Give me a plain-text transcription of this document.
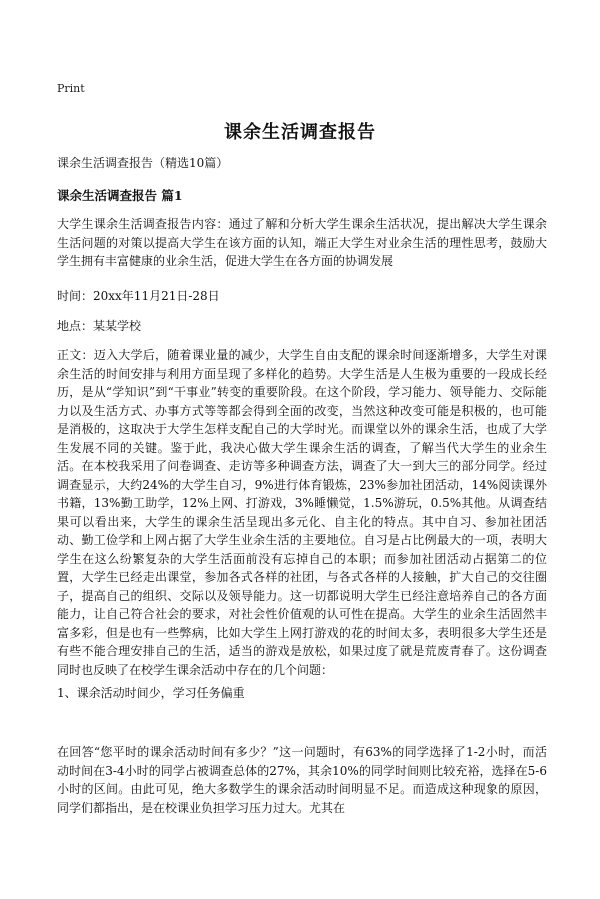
Print
课余生活调查报告
课余生活调查报告（精选10篇）
课余生活调查报告 篇1

大学生课余生活调查报告内容：通过了解和分析大学生课余生活状况，提出解决大学生课余生活问题的对策以提高大学生在该方面的认知，端正大学生对业余生活的理性思考，鼓励大学生拥有丰富健康的业余生活，促进大学生在各方面的协调发展

时间：20xx年11月21日-28日

地点：某某学校

正文：迈入大学后，随着课业量的减少，大学生自由支配的课余时间逐渐增多，大学生对课余生活的时间安排与利用方面呈现了多样化的趋势。大学生活是人生极为重要的一段成长经历，是从“学知识”到“干事业”转变的重要阶段。在这个阶段，学习能力、领导能力、交际能力以及生活方式、办事方式等等都会得到全面的改变，当然这种改变可能是积极的，也可能是消极的，这取决于大学生怎样支配自己的大学时光。而课堂以外的课余生活，也成了大学生发展不同的关键。鉴于此，我决心做大学生课余生活的调查，了解当代大学生的业余生活。在本校我采用了问卷调查、走访等多种调查方法，调查了大一到大三的部分同学。经过调查显示，大约24%的大学生自习，9%进行体育锻炼，23%参加社团活动，14%阅读课外书籍，13%勤工助学，12%上网、打游戏，3%睡懒觉，1.5%游玩，0.5%其他。从调查结果可以看出来，大学生的课余生活呈现出多元化、自主化的特点。其中自习、参加社团活动、勤工俭学和上网占据了大学生业余生活的主要地位。自习是占比例最大的一项，表明大学生在这么纷繁复杂的大学生活面前没有忘掉自己的本职；而参加社团活动占据第二的位置，大学生已经走出课堂，参加各式各样的社团，与各式各样的人接触，扩大自己的交往圈子，提高自己的组织、交际以及领导能力。这一切都说明大学生已经注意培养自己的各方面能力，让自己符合社会的要求，对社会性价值观的认可性在提高。大学生的业余生活固然丰富多彩，但是也有一些弊病，比如大学生上网打游戏的花的时间太多，表明很多大学生还是有些不能合理安排自己的生活，适当的游戏是放松，如果过度了就是荒废青春了。这份调查同时也反映了在校学生课余活动中存在的几个问题：

1、课余活动时间少，学习任务偏重

在回答“您平时的课余活动时间有多少？”这一问题时，有63%的同学选择了1-2小时，而活动时间在3-4小时的同学占被调查总体的27%，其余10%的同学时间则比较充裕，选择在5-6小时的区间。由此可见，绝大多数学生的课余活动时间明显不足。而造成这种现象的原因，同学们都指出，是在校课业负担学习压力过大。尤其在
